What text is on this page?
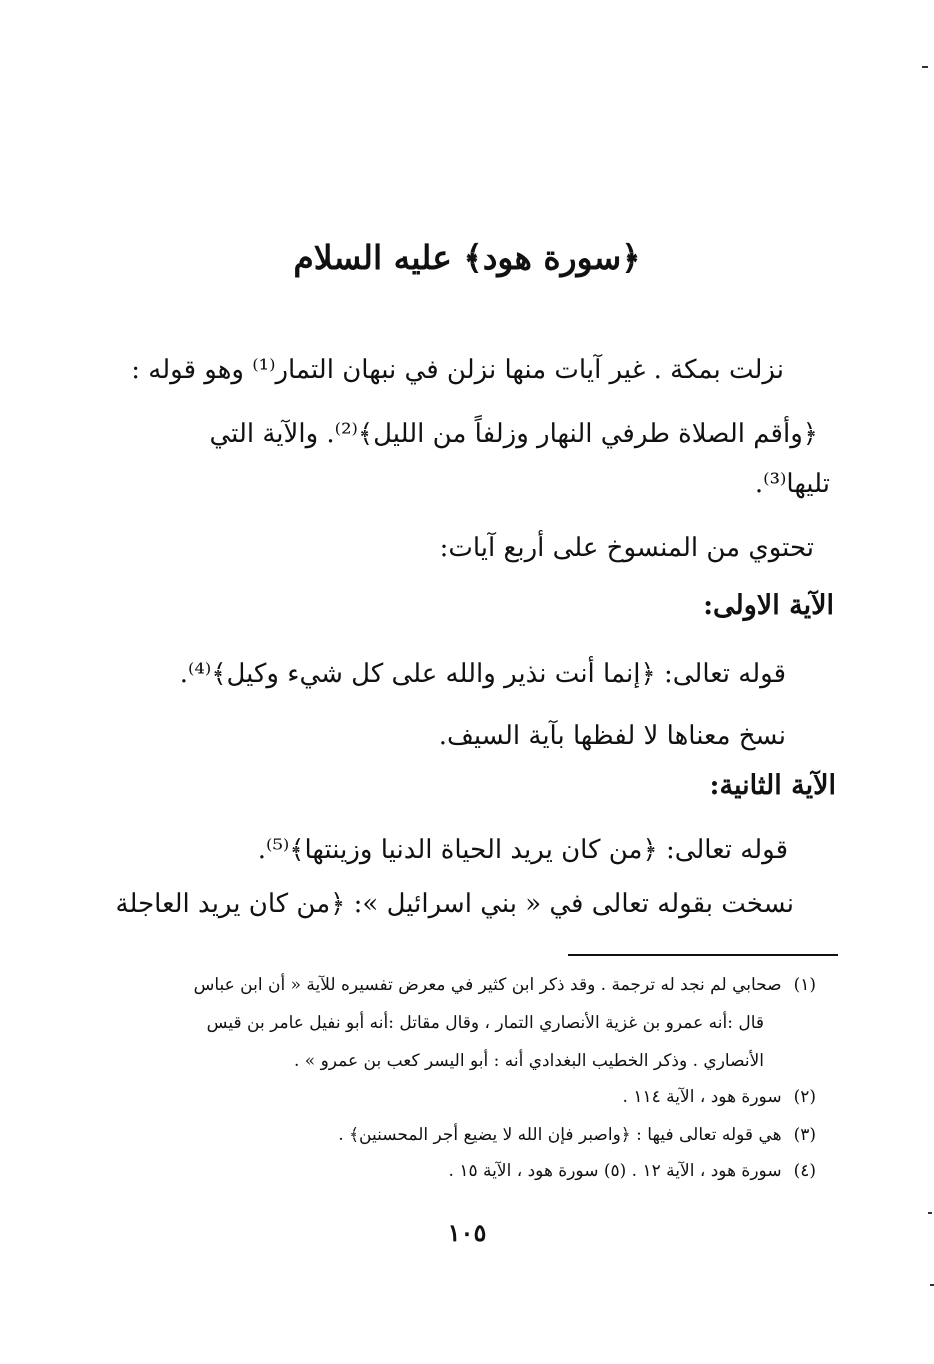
﴿سورة هود﴾ عليه السلام
نزلت بمكة . غير آيات منها نزلن في نبهان التمار⁽¹⁾ وهو قوله :
﴿وأقم الصلاة طرفي النهار وزلفاً من الليل﴾⁽²⁾. والآية التي
تليها⁽³⁾.
تحتوي من المنسوخ على أربع آيات:
الآية الاولى:
قوله تعالى: ﴿إنما أنت نذير والله على كل شيء وكيل﴾⁽⁴⁾.
نسخ معناها لا لفظها بآية السيف.
الآية الثانية:
قوله تعالى: ﴿من كان يريد الحياة الدنيا وزينتها﴾⁽⁵⁾.
نسخت بقوله تعالى في « بني اسرائيل »: ﴿من كان يريد العاجلة
(١)صحابي لم نجد له ترجمة . وقد ذكر ابن كثير في معرض تفسيره للآية « أن ابن عباس
قال :أنه عمرو بن غزية الأنصاري التمار ، وقال مقاتل :أنه أبو نفيل عامر بن قيس
الأنصاري . وذكر الخطيب البغدادي أنه : أبو اليسر كعب بن عمرو » .
(٢)سورة هود ، الآية ١١٤ .
(٣)هي قوله تعالى فيها : ﴿واصبر فإن الله لا يضيع أجر المحسنين﴾ .
(٤)سورة هود ، الآية ١٢ . (٥) سورة هود ، الآية ١٥ .
١٠٥
